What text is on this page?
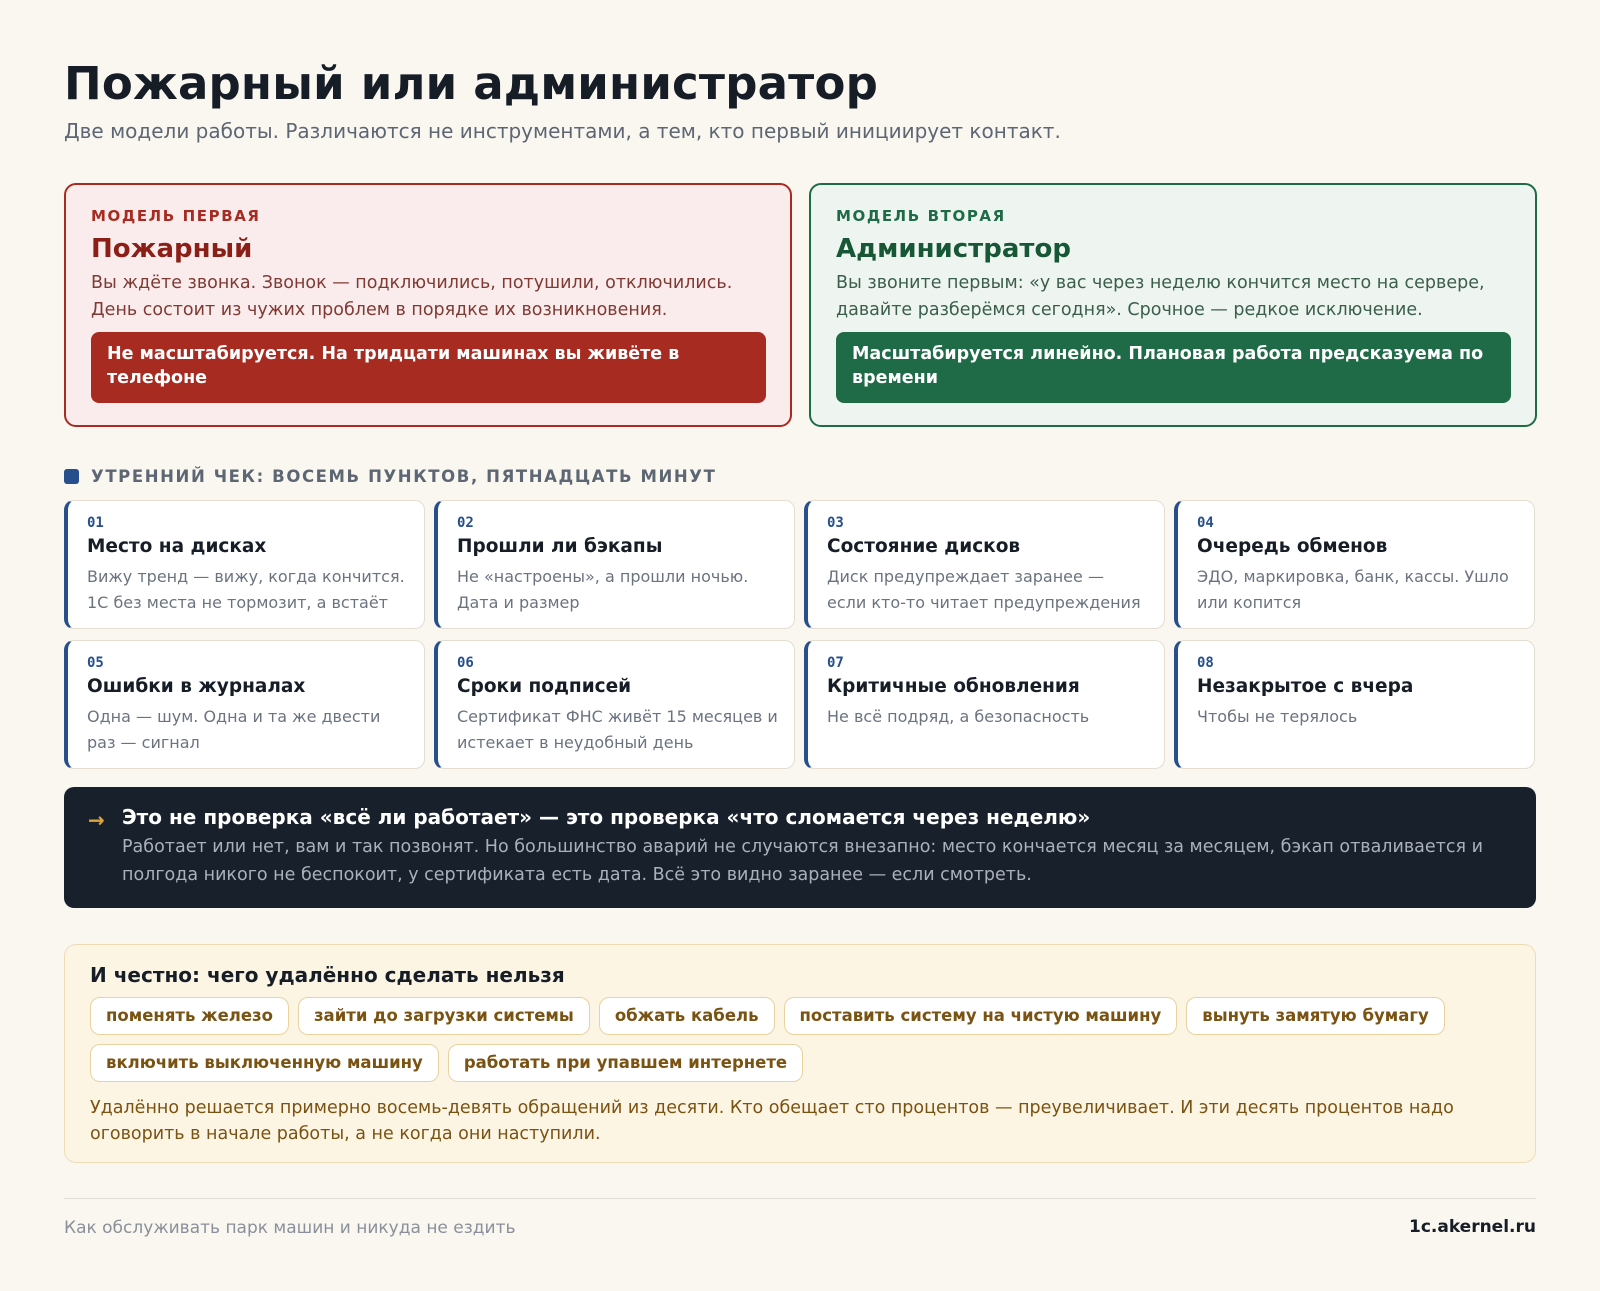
Пожарный или администратор

Две модели работы. Различаются не инструментами, а тем, кто первый инициирует контакт.

МОДЕЛЬ ПЕРВАЯ
Пожарный
Вы ждёте звонка. Звонок — подключились, потушили, отключились. День состоит из чужих проблем в порядке их возникновения.
Не масштабируется. На тридцати машинах вы живёте в телефоне
МОДЕЛЬ ВТОРАЯ
Администратор
Вы звоните первым: «у вас через неделю кончится место на сервере, давайте разберёмся сегодня». Срочное — редкое исключение.
Масштабируется линейно. Плановая работа предсказуема по времени
УТРЕННИЙ ЧЕК: ВОСЕМЬ ПУНКТОВ, ПЯТНАДЦАТЬ МИНУТ
01
Место на дисках
Вижу тренд — вижу, когда кончится. 1С без места не тормозит, а встаёт
02
Прошли ли бэкапы
Не «настроены», а прошли ночью. Дата и размер
03
Состояние дисков
Диск предупреждает заранее — если кто-то читает предупреждения
04
Очередь обменов
ЭДО, маркировка, банк, кассы. Ушло или копится
05
Ошибки в журналах
Одна — шум. Одна и та же двести раз — сигнал
06
Сроки подписей
Сертификат ФНС живёт 15 месяцев и истекает в неудобный день
07
Критичные обновления
Не всё подряд, а безопасность
08
Незакрытое с вчера
Чтобы не терялось
→ Это не проверка «всё ли работает» — это проверка «что сломается через неделю»
Работает или нет, вам и так позвонят. Но большинство аварий не случаются внезапно: место кончается месяц за месяцем, бэкап отваливается и полгода никого не беспокоит, у сертификата есть дата. Всё это видно заранее — если смотреть.
И честно: чего удалённо сделать нельзя
поменять железо	зайти до загрузки системы	обжать кабель	поставить систему на чистую машину	вынуть замятую бумагу
включить выключенную машину	работать при упавшем интернете
Удалённо решается примерно восемь-девять обращений из десяти. Кто обещает сто процентов — преувеличивает. И эти десять процентов надо оговорить в начале работы, а не когда они наступили.
Как обслуживать парк машин и никуда не ездить	1c.akernel.ru
